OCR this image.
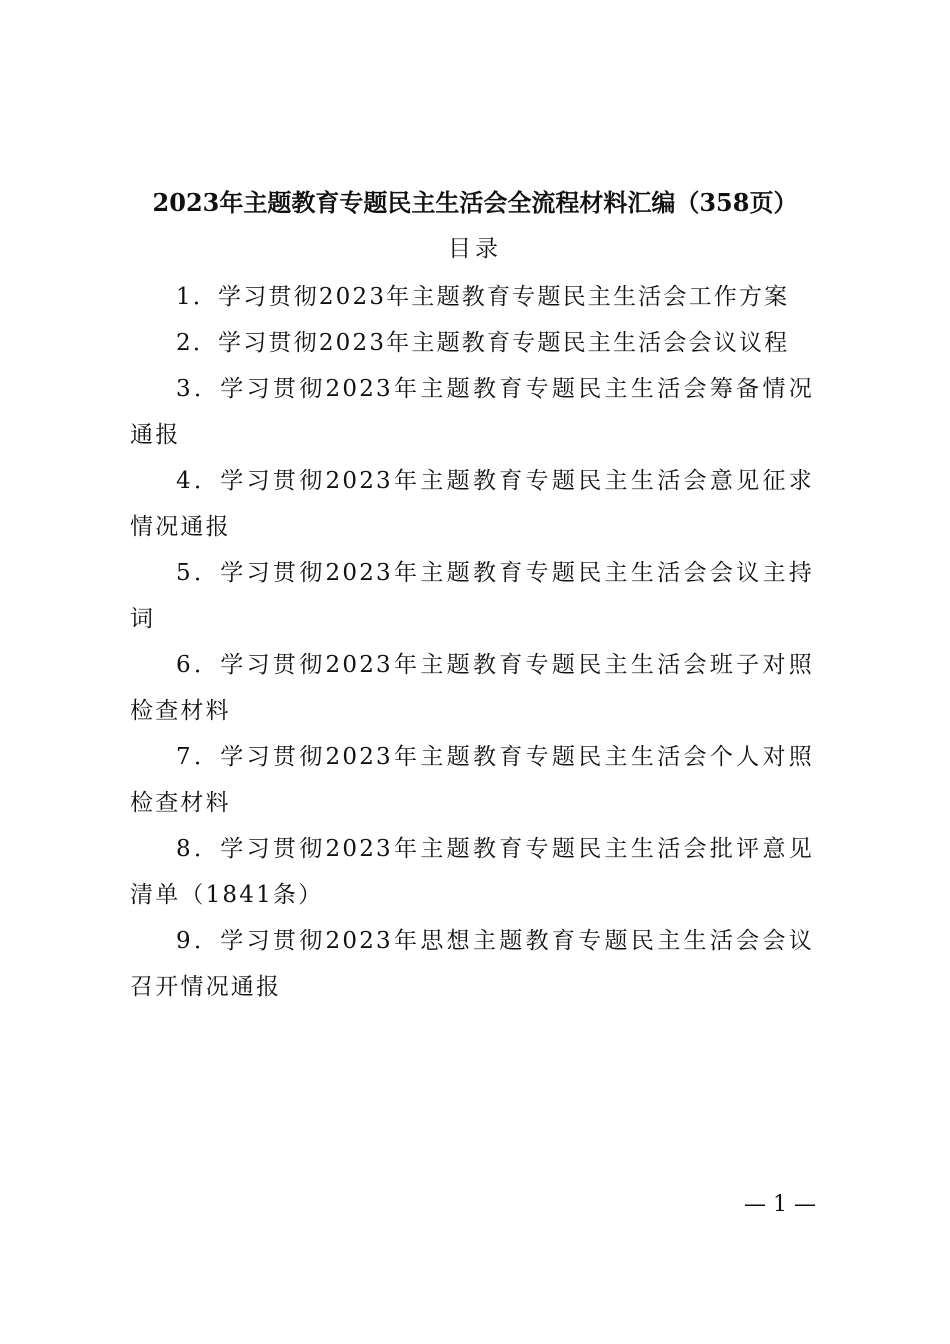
2023年主题教育专题民主生活会全流程材料汇编（358页）
目录
1．学习贯彻2023年主题教育专题民主生活会工作方案
2．学习贯彻2023年主题教育专题民主生活会会议议程
3．学习贯彻2023年主题教育专题民主生活会筹备情况通报
4．学习贯彻2023年主题教育专题民主生活会意见征求情况通报
5．学习贯彻2023年主题教育专题民主生活会会议主持词
6．学习贯彻2023年主题教育专题民主生活会班子对照检查材料
7．学习贯彻2023年主题教育专题民主生活会个人对照检查材料
8．学习贯彻2023年主题教育专题民主生活会批评意见清单（1841条）
9．学习贯彻2023年思想主题教育专题民主生活会会议召开情况通报
— 1 —
